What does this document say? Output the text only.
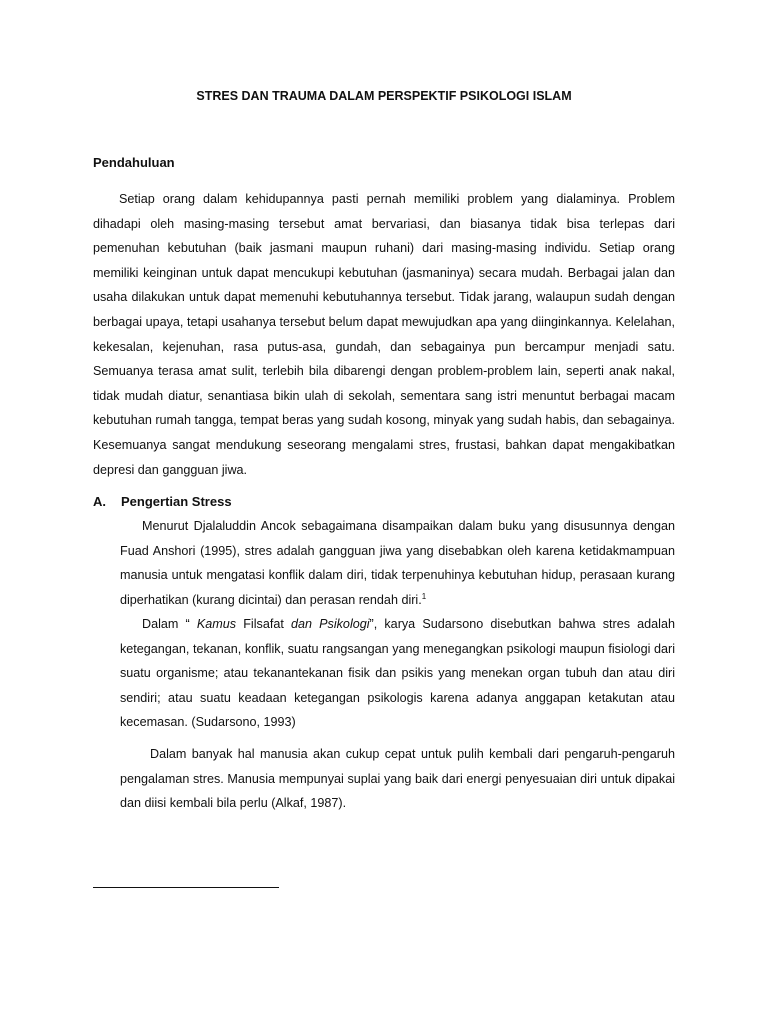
STRES DAN TRAUMA DALAM PERSPEKTIF PSIKOLOGI ISLAM
Pendahuluan

Setiap orang dalam kehidupannya pasti pernah memiliki problem yang dialaminya. Problem dihadapi oleh masing-masing tersebut amat bervariasi, dan biasanya tidak bisa terlepas dari pemenuhan kebutuhan (baik jasmani maupun ruhani) dari masing-masing individu. Setiap orang memiliki keinginan untuk dapat mencukupi kebutuhan (jasmaninya) secara mudah. Berbagai jalan dan usaha dilakukan untuk dapat memenuhi kebutuhannya tersebut. Tidak jarang, walaupun sudah dengan berbagai upaya, tetapi usahanya tersebut belum dapat mewujudkan apa yang diinginkannya. Kelelahan, kekesalan, kejenuhan, rasa putus-asa, gundah, dan sebagainya pun bercampur menjadi satu. Semuanya terasa amat sulit, terlebih bila dibarengi dengan problem-problem lain, seperti anak nakal, tidak mudah diatur, senantiasa bikin ulah di sekolah, sementara sang istri menuntut berbagai macam kebutuhan rumah tangga, tempat beras yang sudah kosong, minyak yang sudah habis, dan sebagainya. Kesemuanya sangat mendukung seseorang mengalami stres, frustasi, bahkan dapat mengakibatkan depresi dan gangguan jiwa.

A. Pengertian Stress

Menurut Djalaluddin Ancok sebagaimana disampaikan dalam buku yang disusunnya dengan Fuad Anshori (1995), stres adalah gangguan jiwa yang disebabkan oleh karena ketidakmampuan manusia untuk mengatasi konflik dalam diri, tidak terpenuhinya kebutuhan hidup, perasaan kurang diperhatikan (kurang dicintai) dan perasan rendah diri.$^1$

Dalam “ Kamus Filsafat dan Psikologi”, karya Sudarsono disebutkan bahwa stres adalah ketegangan, tekanan, konflik, suatu rangsangan yang menegangkan psikologi maupun fisiologi dari suatu organisme; atau tekanantekanan fisik dan psikis yang menekan organ tubuh dan atau diri sendiri; atau suatu keadaan ketegangan psikologis karena adanya anggapan ketakutan atau kecemasan. (Sudarsono, 1993)

Dalam banyak hal manusia akan cukup cepat untuk pulih kembali dari pengaruh-pengaruh pengalaman stres. Manusia mempunyai suplai yang baik dari energi penyesuaian diri untuk dipakai dan diisi kembali bila perlu (Alkaf, 1987).
